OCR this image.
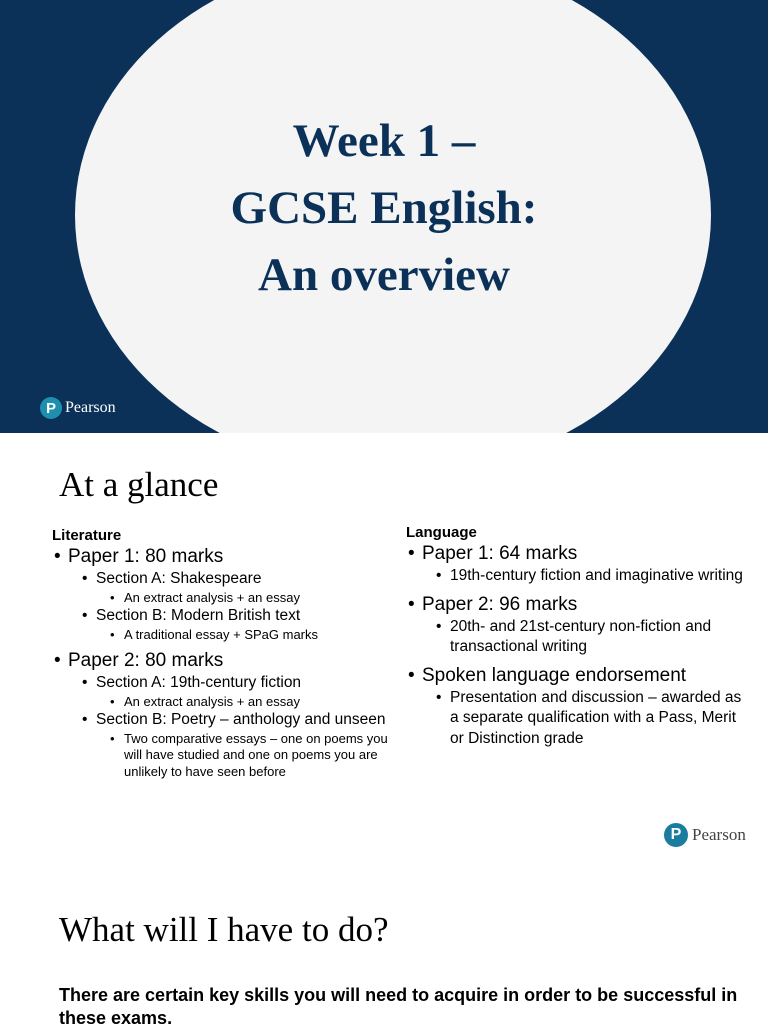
Week 1 –
GCSE English:
An overview
P Pearson
At a glance
Literature
• Paper 1: 80 marks
• Section A: Shakespeare
• An extract analysis + an essay
• Section B: Modern British text
• A traditional essay + SPaG marks
• Paper 2: 80 marks
• Section A: 19th-century fiction
• An extract analysis + an essay
• Section B: Poetry – anthology and unseen
• Two comparative essays – one on poems you will have studied and one on poems you are unlikely to have seen before
Language
• Paper 1: 64 marks
• 19th-century fiction and imaginative writing
• Paper 2: 96 marks
• 20th- and 21st-century non-fiction and transactional writing
• Spoken language endorsement
• Presentation and discussion – awarded as a separate qualification with a Pass, Merit or Distinction grade
P Pearson
What will I have to do?
There are certain key skills you will need to acquire in order to be successful in these exams.
